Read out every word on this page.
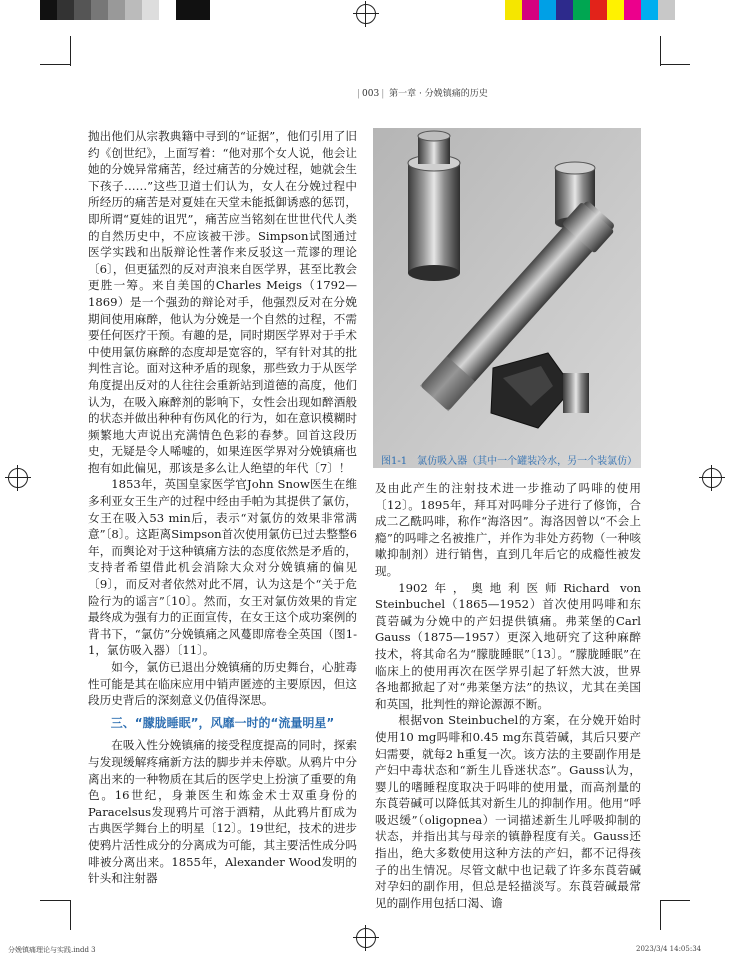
| 003 | 第一章 · 分娩镇痛的历史

抛出他们从宗教典籍中寻到的“证据”，他们引用了旧约《创世纪》，上面写着：“他对那个女人说，他会让她的分娩异常痛苦，经过痛苦的分娩过程，她就会生下孩子……”这些卫道士们认为，女人在分娩过程中所经历的痛苦是对夏娃在天堂未能抵御诱惑的惩罚，即所谓“夏娃的诅咒”，痛苦应当铭刻在世世代代人类的自然历史中，不应该被干涉。Simpson试图通过医学实践和出版辩论性著作来反驳这一荒谬的理论〔6〕，但更猛烈的反对声浪来自医学界，甚至比教会更胜一筹。来自美国的Charles Meigs（1792—1869）是一个强劲的辩论对手，他强烈反对在分娩期间使用麻醉，他认为分娩是一个自然的过程，不需要任何医疗干预。有趣的是，同时期医学界对于手术中使用氯仿麻醉的态度却是宽容的，罕有针对其的批判性言论。面对这种矛盾的现象，那些致力于从医学角度提出反对的人往往会重新站到道德的高度，他们认为，在吸入麻醉剂的影响下，女性会出现如醉酒般的状态并做出种种有伤风化的行为，如在意识模糊时频繁地大声说出充满情色色彩的春梦。回首这段历史，无疑是令人唏嘘的，如果连医学界对分娩镇痛也抱有如此偏见，那该是多么让人绝望的年代〔7〕！

1853年，英国皇家医学官John Snow医生在维多利亚女王生产的过程中经由手帕为其提供了氯仿，女王在吸入53 min后，表示“对氯仿的效果非常满意”〔8〕。这距离Simpson首次使用氯仿已过去整整6年，而舆论对于这种镇痛方法的态度依然是矛盾的，支持者希望借此机会消除大众对分娩镇痛的偏见〔9〕，而反对者依然对此不屑，认为这是个“关于危险行为的谣言”〔10〕。然而，女王对氯仿效果的肯定最终成为强有力的正面宣传，在女王这个成功案例的背书下，“氯仿”分娩镇痛之风蔓即席卷全英国（图1-1，氯仿吸入器）〔11〕。

如今，氯仿已退出分娩镇痛的历史舞台，心脏毒性可能是其在临床应用中销声匿迹的主要原因，但这段历史背后的深刻意义仍值得深思。

三、“朦胧睡眠”，风靡一时的“流量明星”

在吸入性分娩镇痛的接受程度提高的同时，探索与发现缓解疼痛新方法的脚步并未停歇。从鸦片中分离出来的一种物质在其后的医学史上扮演了重要的角色。16世纪，身兼医生和炼金术士双重身份的Paracelsus发现鸦片可溶于酒精，从此鸦片酊成为古典医学舞台上的明星〔12〕。19世纪，技术的进步使鸦片活性成分的分离成为可能，其主要活性成分吗啡被分离出来。1855年，Alexander Wood发明的针头和注射器

图1-1 氯仿吸入器（其中一个罐装冷水，另一个装氯仿）

及由此产生的注射技术进一步推动了吗啡的使用〔12〕。1895年，拜耳对吗啡分子进行了修饰，合成二乙酰吗啡，称作“海洛因”。海洛因曾以“不会上瘾”的吗啡之名被推广，并作为非处方药物（一种咳嗽抑制剂）进行销售，直到几年后它的成瘾性被发现。

1902年，奥地利医师Richard von Steinbuchel（1865—1952）首次使用吗啡和东莨菪碱为分娩中的产妇提供镇痛。弗莱堡的Carl Gauss（1875—1957）更深入地研究了这种麻醉技术，将其命名为“朦胧睡眠”〔13〕。“朦胧睡眠”在临床上的使用再次在医学界引起了轩然大波，世界各地都掀起了对“弗莱堡方法”的热议，尤其在美国和英国，批判性的辩论源源不断。

根据von Steinbuchel的方案，在分娩开始时使用10 mg吗啡和0.45 mg东莨菪碱，其后只要产妇需要，就每2 h重复一次。该方法的主要副作用是产妇中毒状态和“新生儿昏迷状态”。Gauss认为，婴儿的嗜睡程度取决于吗啡的使用量，而高剂量的东莨菪碱可以降低其对新生儿的抑制作用。他用“呼吸迟缓”（oligopnea）一词描述新生儿呼吸抑制的状态，并指出其与母亲的镇静程度有关。Gauss还指出，绝大多数使用这种方法的产妇，都不记得孩子的出生情况。尽管文献中也记载了许多东莨菪碱对孕妇的副作用，但总是轻描淡写。东莨菪碱最常见的副作用包括口渴、谵

分娩镇痛理论与实践.indd 3	2023/3/4 14:05:34
